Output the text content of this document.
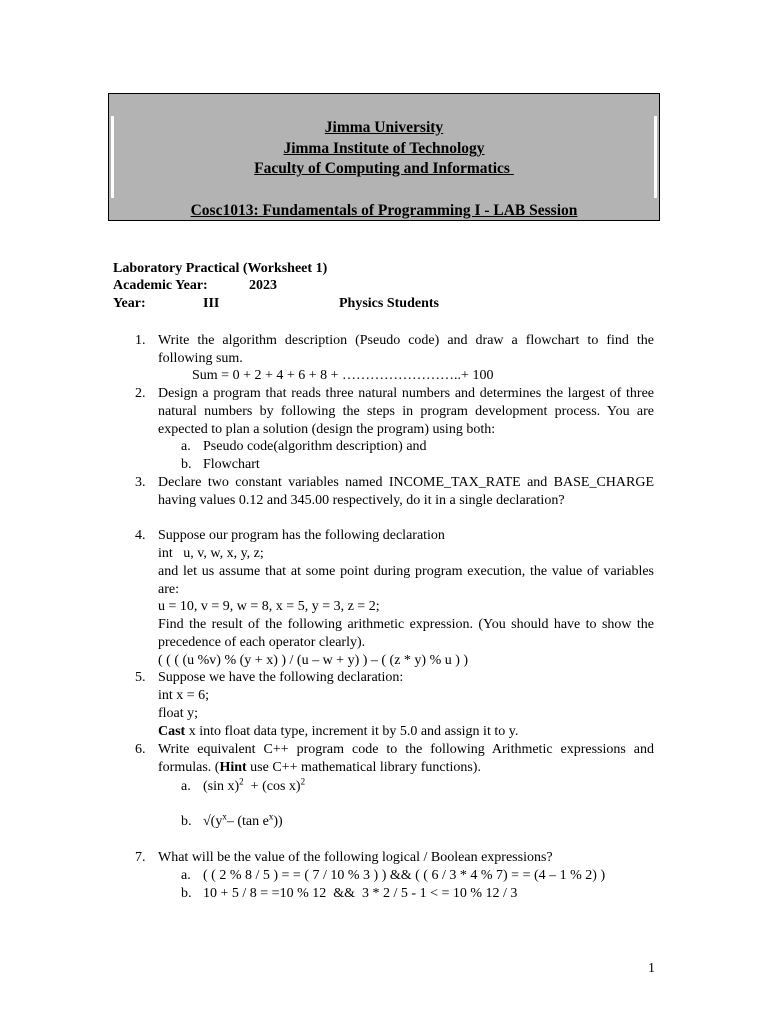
Jimma University
Jimma Institute of Technology
Faculty of Computing and Informatics
Cosc1013: Fundamentals of Programming I - LAB Session
Laboratory Practical (Worksheet 1)
Academic Year:	2023
Year:	III	Physics Students
1. Write the algorithm description (Pseudo code) and draw a flowchart to find the following sum.
Sum = 0 + 2 + 4 + 6 + 8 + ……………………..+ 100
2. Design a program that reads three natural numbers and determines the largest of three natural numbers by following the steps in program development process. You are expected to plan a solution (design the program) using both:
a. Pseudo code(algorithm description) and
b. Flowchart
3. Declare two constant variables named INCOME_TAX_RATE and BASE_CHARGE having values 0.12 and 345.00 respectively, do it in a single declaration?
4. Suppose our program has the following declaration
int   u, v, w, x, y, z;
and let us assume that at some point during program execution, the value of variables are:
u = 10, v = 9, w = 8, x = 5, y = 3, z = 2;
Find the result of the following arithmetic expression. (You should have to show the precedence of each operator clearly).
( ( ( (u %v) % (y + x) ) / (u – w + y) ) – ( (z * y) % u ) )
5. Suppose we have the following declaration:
int x = 6;
float y;
Cast x into float data type, increment it by 5.0 and assign it to y.
6. Write equivalent C++ program code to the following Arithmetic expressions and formulas. (Hint use C++ mathematical library functions).
a. (sin x)$^2$  + (cos x)$^2$
b. $√(y^x-$ (tan $e^x$))
7. What will be the value of the following logical / Boolean expressions?
a. ( ( 2 % 8 / 5 ) = = ( 7 / 10 % 3 ) ) && ( ( 6 / 3 * 4 % 7) = = (4 – 1 % 2) )
b. 10 + 5 / 8 = =10 % 12  &&  3 * 2 / 5 - 1 < = 10 % 12 / 3
1
